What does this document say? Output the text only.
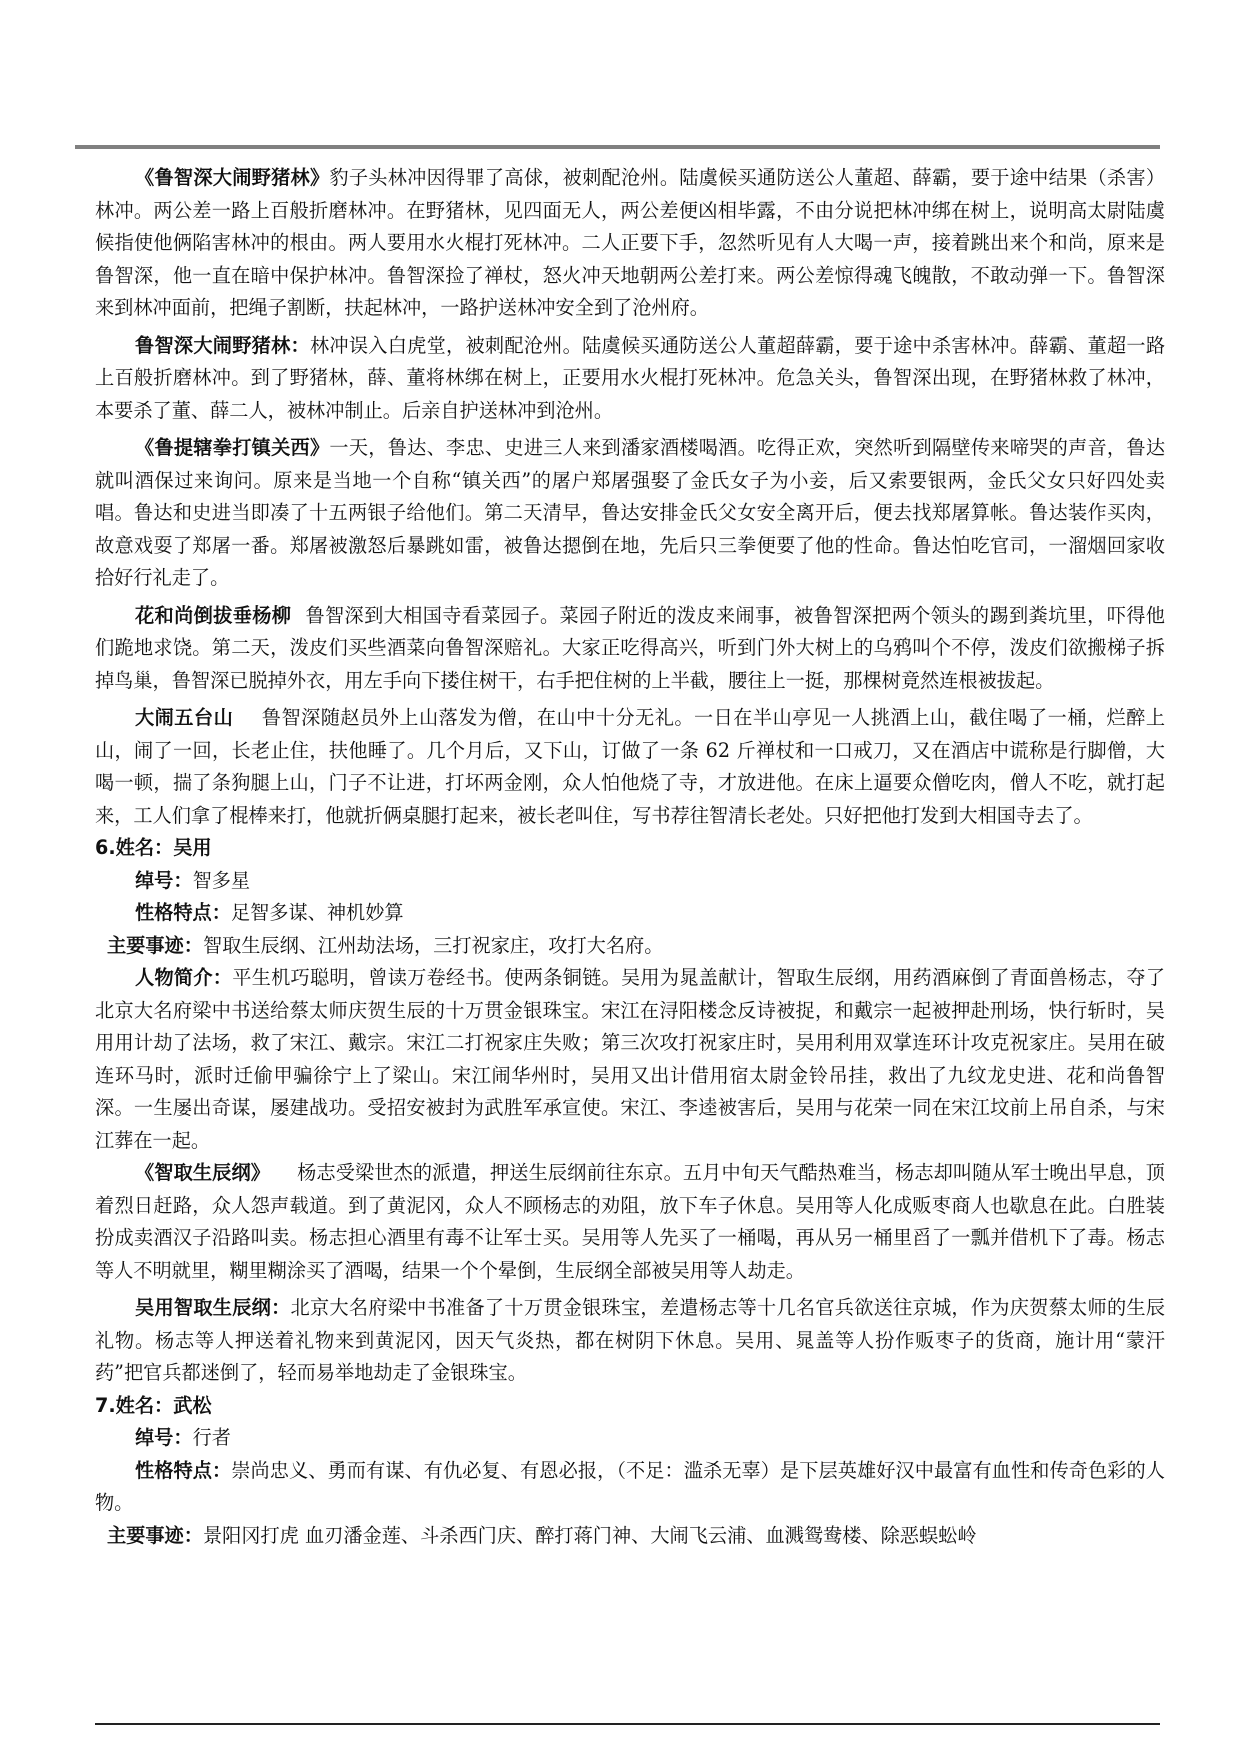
《鲁智深大闹野猪林》豹子头林冲因得罪了高俅，被刺配沧州。陆虞候买通防送公人董超、薛霸，要于途中结果（杀害）林冲。两公差一路上百般折磨林冲。在野猪林，见四面无人，两公差便凶相毕露，不由分说把林冲绑在树上，说明高太尉陆虞候指使他俩陷害林冲的根由。两人要用水火棍打死林冲。二人正要下手，忽然听见有人大喝一声，接着跳出来个和尚，原来是鲁智深，他一直在暗中保护林冲。鲁智深捡了禅杖，怒火冲天地朝两公差打来。两公差惊得魂飞魄散，不敢动弹一下。鲁智深来到林冲面前，把绳子割断，扶起林冲，一路护送林冲安全到了沧州府。

鲁智深大闹野猪林：林冲误入白虎堂，被刺配沧州。陆虞候买通防送公人董超薛霸，要于途中杀害林冲。薛霸、董超一路上百般折磨林冲。到了野猪林，薛、董将林绑在树上，正要用水火棍打死林冲。危急关头，鲁智深出现，在野猪林救了林冲，本要杀了董、薛二人，被林冲制止。后亲自护送林冲到沧州。

《鲁提辖拳打镇关西》一天，鲁达、李忠、史进三人来到潘家酒楼喝酒。吃得正欢，突然听到隔壁传来啼哭的声音，鲁达就叫酒保过来询问。原来是当地一个自称“镇关西”的屠户郑屠强娶了金氏女子为小妾，后又索要银两，金氏父女只好四处卖唱。鲁达和史进当即凑了十五两银子给他们。第二天清早，鲁达安排金氏父女安全离开后，便去找郑屠算帐。鲁达装作买肉，故意戏耍了郑屠一番。郑屠被激怒后暴跳如雷，被鲁达摁倒在地，先后只三拳便要了他的性命。鲁达怕吃官司，一溜烟回家收拾好行礼走了。

花和尚倒拔垂杨柳 鲁智深到大相国寺看菜园子。菜园子附近的泼皮来闹事，被鲁智深把两个领头的踢到粪坑里，吓得他们跪地求饶。第二天，泼皮们买些酒菜向鲁智深赔礼。大家正吃得高兴，听到门外大树上的乌鸦叫个不停，泼皮们欲搬梯子拆掉鸟巢，鲁智深已脱掉外衣，用左手向下搂住树干，右手把住树的上半截，腰往上一挺，那棵树竟然连根被拔起。

大闹五台山 鲁智深随赵员外上山落发为僧，在山中十分无礼。一日在半山亭见一人挑酒上山，截住喝了一桶，烂醉上山，闹了一回，长老止住，扶他睡了。几个月后，又下山，订做了一条 62 斤禅杖和一口戒刀，又在酒店中谎称是行脚僧，大喝一顿，揣了条狗腿上山，门子不让进，打坏两金刚，众人怕他烧了寺，才放进他。在床上逼要众僧吃肉，僧人不吃，就打起来，工人们拿了棍棒来打，他就折俩桌腿打起来，被长老叫住，写书荐往智清长老处。只好把他打发到大相国寺去了。

6.姓名：吴用

绰号：智多星

性格特点：足智多谋、神机妙算

主要事迹：智取生辰纲、江州劫法场，三打祝家庄，攻打大名府。

人物简介：平生机巧聪明，曾读万卷经书。使两条铜链。吴用为晁盖献计，智取生辰纲，用药酒麻倒了青面兽杨志，夺了北京大名府梁中书送给蔡太师庆贺生辰的十万贯金银珠宝。宋江在浔阳楼念反诗被捉，和戴宗一起被押赴刑场，快行斩时，吴用用计劫了法场，救了宋江、戴宗。宋江二打祝家庄失败；第三次攻打祝家庄时，吴用利用双掌连环计攻克祝家庄。吴用在破连环马时，派时迁偷甲骗徐宁上了梁山。宋江闹华州时，吴用又出计借用宿太尉金铃吊挂，救出了九纹龙史进、花和尚鲁智深。一生屡出奇谋，屡建战功。受招安被封为武胜军承宣使。宋江、李逵被害后，吴用与花荣一同在宋江坟前上吊自杀，与宋江葬在一起。

《智取生辰纲》 杨志受梁世杰的派遣，押送生辰纲前往东京。五月中旬天气酷热难当，杨志却叫随从军士晚出早息，顶着烈日赶路，众人怨声载道。到了黄泥冈，众人不顾杨志的劝阻，放下车子休息。吴用等人化成贩枣商人也歇息在此。白胜装扮成卖酒汉子沿路叫卖。杨志担心酒里有毒不让军士买。吴用等人先买了一桶喝，再从另一桶里舀了一瓢并借机下了毒。杨志等人不明就里，糊里糊涂买了酒喝，结果一个个晕倒，生辰纲全部被吴用等人劫走。

吴用智取生辰纲：北京大名府梁中书准备了十万贯金银珠宝，差遣杨志等十几名官兵欲送往京城，作为庆贺蔡太师的生辰礼物。杨志等人押送着礼物来到黄泥冈，因天气炎热，都在树阴下休息。吴用、晁盖等人扮作贩枣子的货商，施计用“蒙汗药”把官兵都迷倒了，轻而易举地劫走了金银珠宝。

7.姓名：武松

绰号：行者

性格特点：崇尚忠义、勇而有谋、有仇必复、有恩必报，（不足：滥杀无辜）是下层英雄好汉中最富有血性和传奇色彩的人物。

主要事迹：景阳冈打虎 血刃潘金莲、斗杀西门庆、醉打蒋门神、大闹飞云浦、血溅鸳鸯楼、除恶蜈蚣岭
